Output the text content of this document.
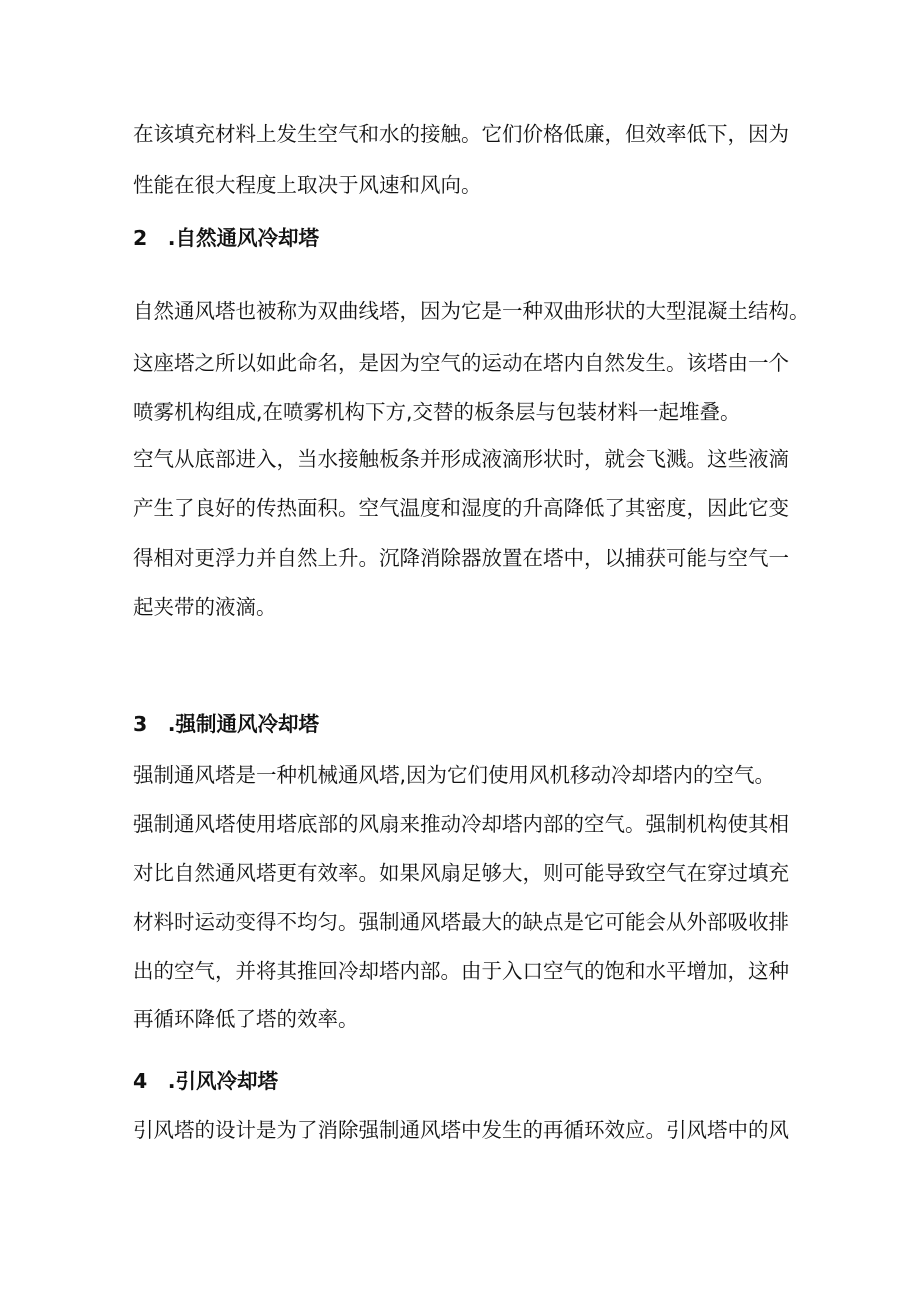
在该填充材料上发生空气和水的接触。它们价格低廉，但效率低下，因为
性能在很大程度上取决于风速和风向。
2　.自然通风冷却塔
自然通风塔也被称为双曲线塔，因为它是一种双曲形状的大型混凝土结构。
这座塔之所以如此命名，是因为空气的运动在塔内自然发生。该塔由一个
喷雾机构组成,在喷雾机构下方,交替的板条层与包装材料一起堆叠。
空气从底部进入，当水接触板条并形成液滴形状时，就会飞溅。这些液滴
产生了良好的传热面积。空气温度和湿度的升高降低了其密度，因此它变
得相对更浮力并自然上升。沉降消除器放置在塔中，以捕获可能与空气一
起夹带的液滴。
3　.强制通风冷却塔
强制通风塔是一种机械通风塔,因为它们使用风机移动冷却塔内的空气。
强制通风塔使用塔底部的风扇来推动冷却塔内部的空气。强制机构使其相
对比自然通风塔更有效率。如果风扇足够大，则可能导致空气在穿过填充
材料时运动变得不均匀。强制通风塔最大的缺点是它可能会从外部吸收排
出的空气，并将其推回冷却塔内部。由于入口空气的饱和水平增加，这种
再循环降低了塔的效率。
4　.引风冷却塔
引风塔的设计是为了消除强制通风塔中发生的再循环效应。引风塔中的风
